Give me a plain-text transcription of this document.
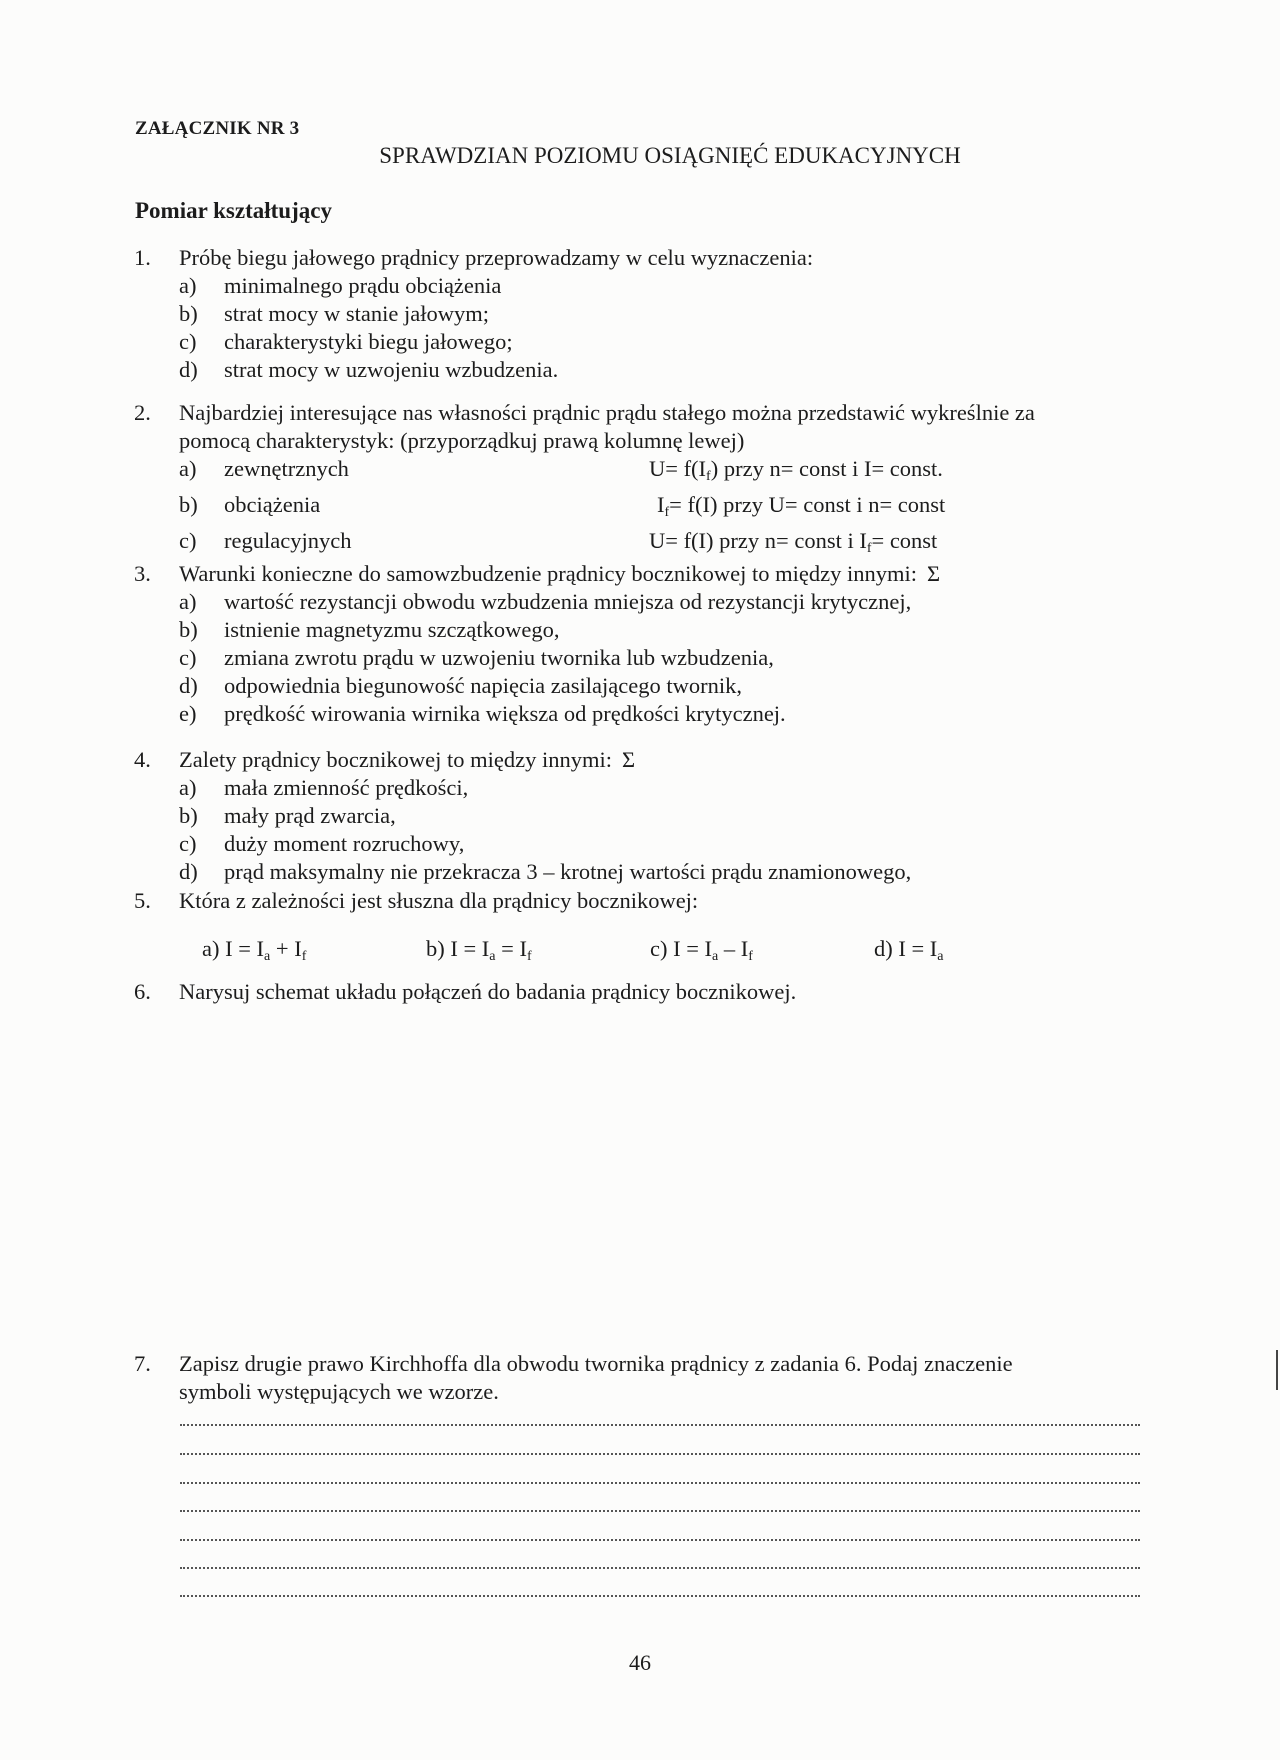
ZAŁĄCZNIK NR 3
SPRAWDZIAN POZIOMU OSIĄGNIĘĆ EDUKACYJNYCH
Pomiar kształtujący
1.	Próbę biegu jałowego prądnicy przeprowadzamy w celu wyznaczenia:
a)	minimalnego prądu obciążenia
b)	strat mocy w stanie jałowym;
c)	charakterystyki biegu jałowego;
d)	strat mocy w uzwojeniu wzbudzenia.
2.	Najbardziej interesujące nas własności prądnic prądu stałego można przedstawić wykreślnie za
pomocą charakterystyk: (przyporządkuj prawą kolumnę lewej)
a)	zewnętrznych	$U= f(I_f)$ przy n= const i I= const.
b)	obciążenia	$I_f= f(I)$ przy U= const i n= const
c)	regulacyjnych	U= f(I) przy n= const i $I_f=$ const
3.	Warunki konieczne do samowzbudzenie prądnicy bocznikowej to między innymi: Σ
a)	wartość rezystancji obwodu wzbudzenia mniejsza od rezystancji krytycznej,
b)	istnienie magnetyzmu szczątkowego,
c)	zmiana zwrotu prądu w uzwojeniu twornika lub wzbudzenia,
d)	odpowiednia biegunowość napięcia zasilającego twornik,
e)	prędkość wirowania wirnika większa od prędkości krytycznej.
4.	Zalety prądnicy bocznikowej to między innymi: Σ
a)	mała zmienność prędkości,
b)	mały prąd zwarcia,
c)	duży moment rozruchowy,
d)	prąd maksymalny nie przekracza 3 – krotnej wartości prądu znamionowego,
5.	Która z zależności jest słuszna dla prądnicy bocznikowej:
a) $I = I_a + I_f$	b) $I = I_a = I_f$	c) $I = I_a - I_f$	d) $I = I_a$
6.	Narysuj schemat układu połączeń do badania prądnicy bocznikowej.
7.	Zapisz drugie prawo Kirchhoffa dla obwodu twornika prądnicy z zadania 6. Podaj znaczenie
symboli występujących we wzorze.
46
